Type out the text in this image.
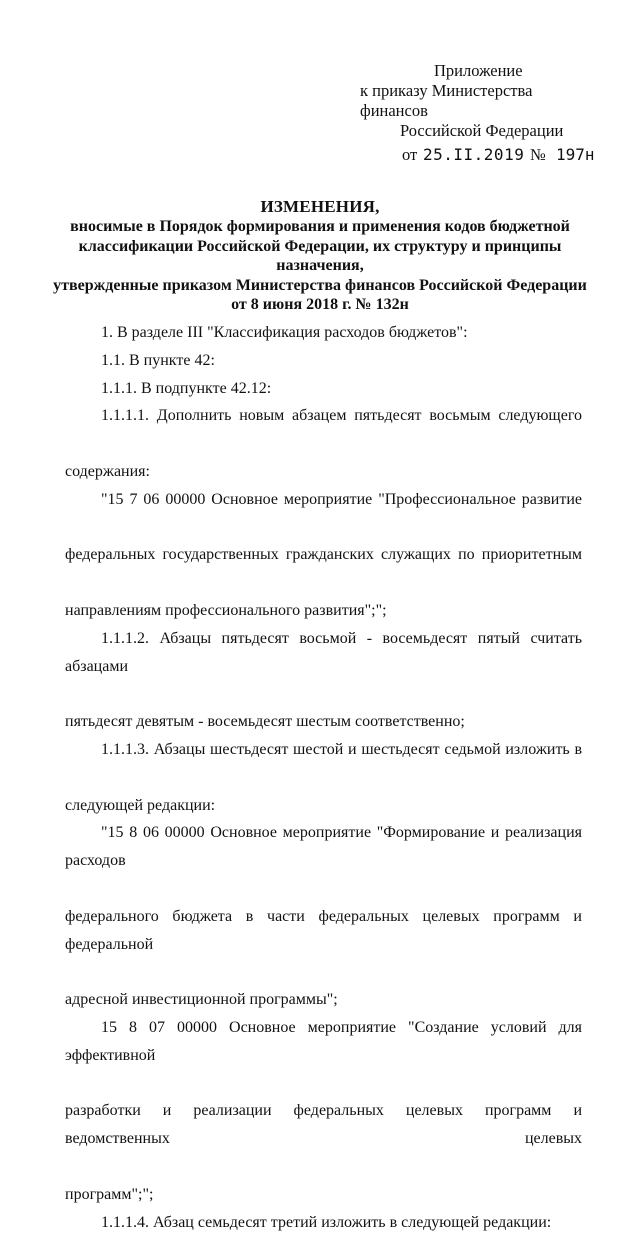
Приложение
к приказу Министерства финансов
Российской Федерации
от 25.II.2019 № 197н
ИЗМЕНЕНИЯ,
вносимые в Порядок формирования и применения кодов бюджетной
классификации Российской Федерации, их структуру и принципы назначения,
утвержденные приказом Министерства финансов Российской Федерации
от 8 июня 2018 г. № 132н
1. В разделе III "Классификация расходов бюджетов":
1.1. В пункте 42:
1.1.1. В подпункте 42.12:
1.1.1.1. Дополнить новым абзацем пятьдесят восьмым следующего
содержания:
"15 7 06 00000 Основное мероприятие "Профессиональное развитие
федеральных государственных гражданских служащих по приоритетным
направлениям профессионального развития";";
1.1.1.2. Абзацы пятьдесят восьмой - восемьдесят пятый считать абзацами
пятьдесят девятым - восемьдесят шестым соответственно;
1.1.1.3. Абзацы шестьдесят шестой и шестьдесят седьмой изложить в
следующей редакции:
"15 8 06 00000 Основное мероприятие "Формирование и реализация расходов
федерального бюджета в части федеральных целевых программ и федеральной
адресной инвестиционной программы";
15 8 07 00000 Основное мероприятие "Создание условий для эффективной
разработки и реализации федеральных целевых программ и ведомственных целевых
программ";";
1.1.1.4. Абзац семьдесят третий изложить в следующей редакции:
